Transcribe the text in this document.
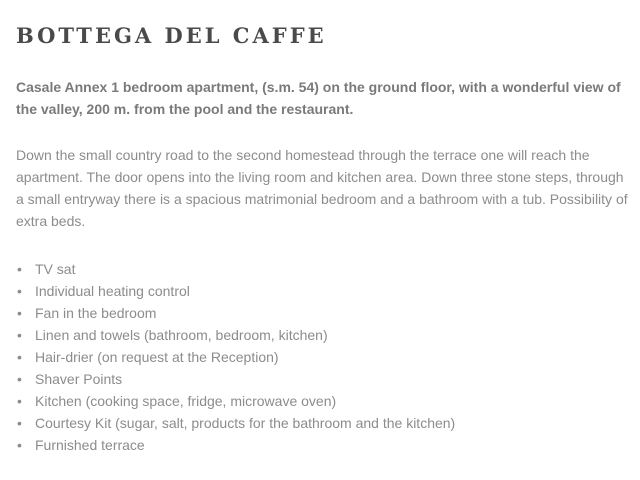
BOTTEGA DEL CAFFE

Casale Annex 1 bedroom apartment, (s.m. 54) on the ground floor, with a wonderful view of the valley, 200 m. from the pool and the restaurant.

Down the small country road to the second homestead through the terrace one will reach the apartment. The door opens into the living room and kitchen area. Down three stone steps, through a small entryway there is a spacious matrimonial bedroom and a bathroom with a tub. Possibility of extra beds.

• TV sat
• Individual heating control
• Fan in the bedroom
• Linen and towels (bathroom, bedroom, kitchen)
• Hair-drier (on request at the Reception)
• Shaver Points
• Kitchen (cooking space, fridge, microwave oven)
• Courtesy Kit (sugar, salt, products for the bathroom and the kitchen)
• Furnished terrace
